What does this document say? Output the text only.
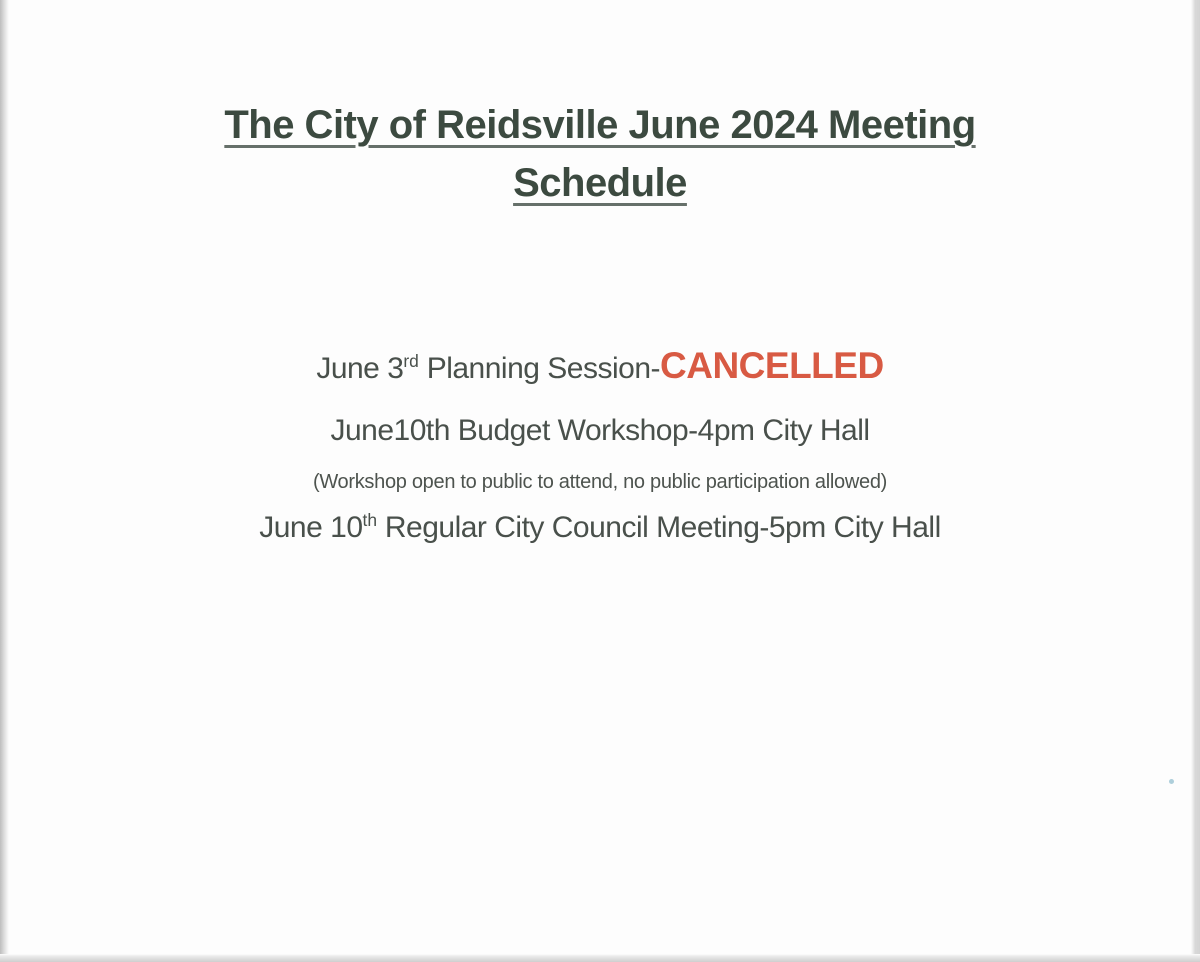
The City of Reidsville June 2024 Meeting
Schedule

June 3rd Planning Session-CANCELLED

June10th Budget Workshop-4pm City Hall

(Workshop open to public to attend, no public participation allowed)

June 10th Regular City Council Meeting-5pm City Hall
